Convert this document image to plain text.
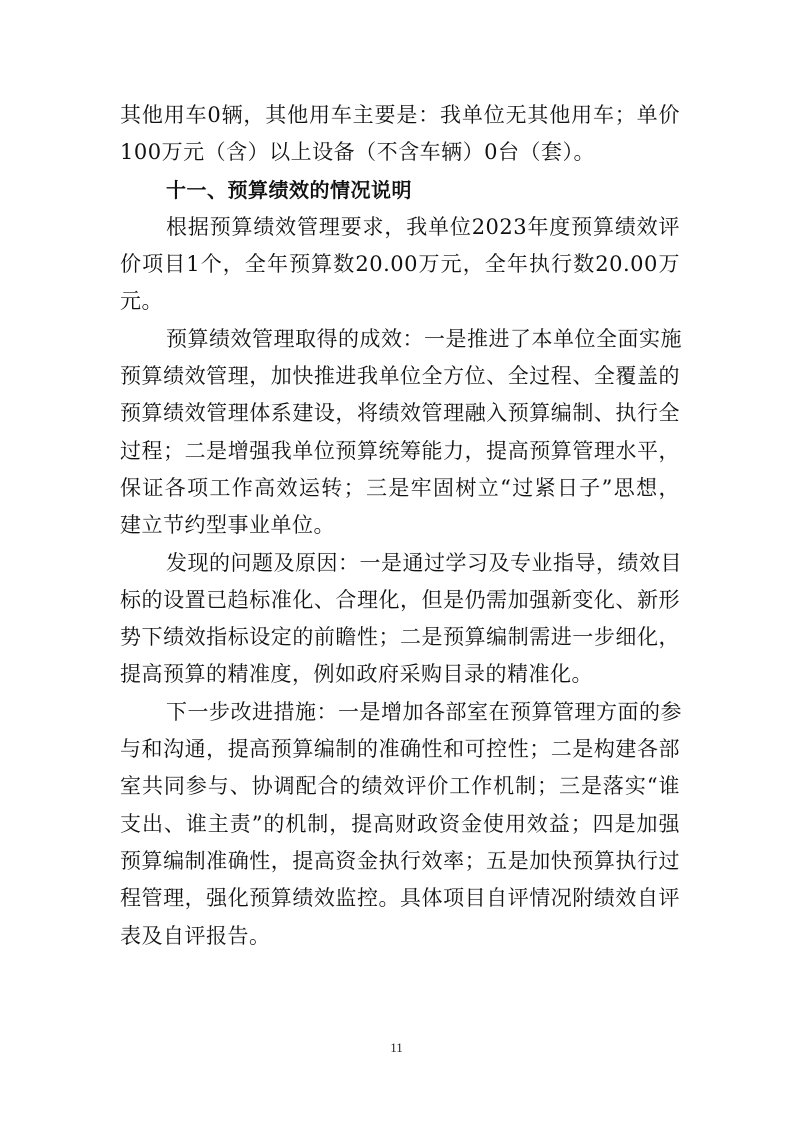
其他用车0辆，其他用车主要是：我单位无其他用车；单价
100万元（含）以上设备（不含车辆）0台（套）。
十一、预算绩效的情况说明
根据预算绩效管理要求，我单位2023年度预算绩效评
价项目1个，全年预算数20.00万元，全年执行数20.00万
元。
预算绩效管理取得的成效：一是推进了本单位全面实施
预算绩效管理，加快推进我单位全方位、全过程、全覆盖的
预算绩效管理体系建设，将绩效管理融入预算编制、执行全
过程；二是增强我单位预算统筹能力，提高预算管理水平，
保证各项工作高效运转；三是牢固树立“过紧日子”思想，
建立节约型事业单位。
发现的问题及原因：一是通过学习及专业指导，绩效目
标的设置已趋标准化、合理化，但是仍需加强新变化、新形
势下绩效指标设定的前瞻性；二是预算编制需进一步细化，
提高预算的精准度，例如政府采购目录的精准化。
下一步改进措施：一是增加各部室在预算管理方面的参
与和沟通，提高预算编制的准确性和可控性；二是构建各部
室共同参与、协调配合的绩效评价工作机制；三是落实“谁
支出、谁主责”的机制，提高财政资金使用效益；四是加强
预算编制准确性，提高资金执行效率；五是加快预算执行过
程管理，强化预算绩效监控。具体项目自评情况附绩效自评
表及自评报告。
11
